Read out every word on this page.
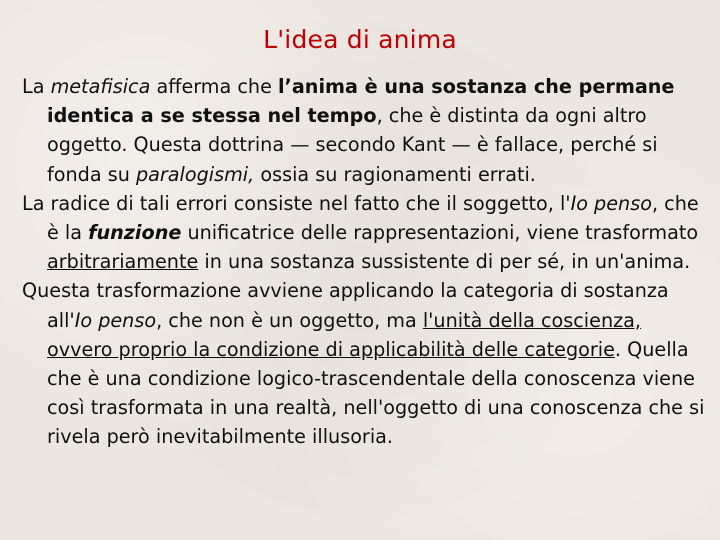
L'idea di anima

La metafisica afferma che l’anima è una sostanza che permane identica a se stessa nel tempo, che è distinta da ogni altro oggetto. Questa dottrina — secondo Kant — è fallace, perché si fonda su paralogismi, ossia su ragionamenti errati.

La radice di tali errori consiste nel fatto che il soggetto, l'Io penso, che è la funzione unificatrice delle rappresentazioni, viene trasformato arbitrariamente in una sostanza sussistente di per sé, in un'anima.

Questa trasformazione avviene applicando la categoria di sostanza all'Io penso, che non è un oggetto, ma l'unità della coscienza, ovvero proprio la condizione di applicabilità delle categorie. Quella che è una condizione logico-trascendentale della conoscenza viene così trasformata in una realtà, nell'oggetto di una conoscenza che si rivela però inevitabilmente illusoria.
